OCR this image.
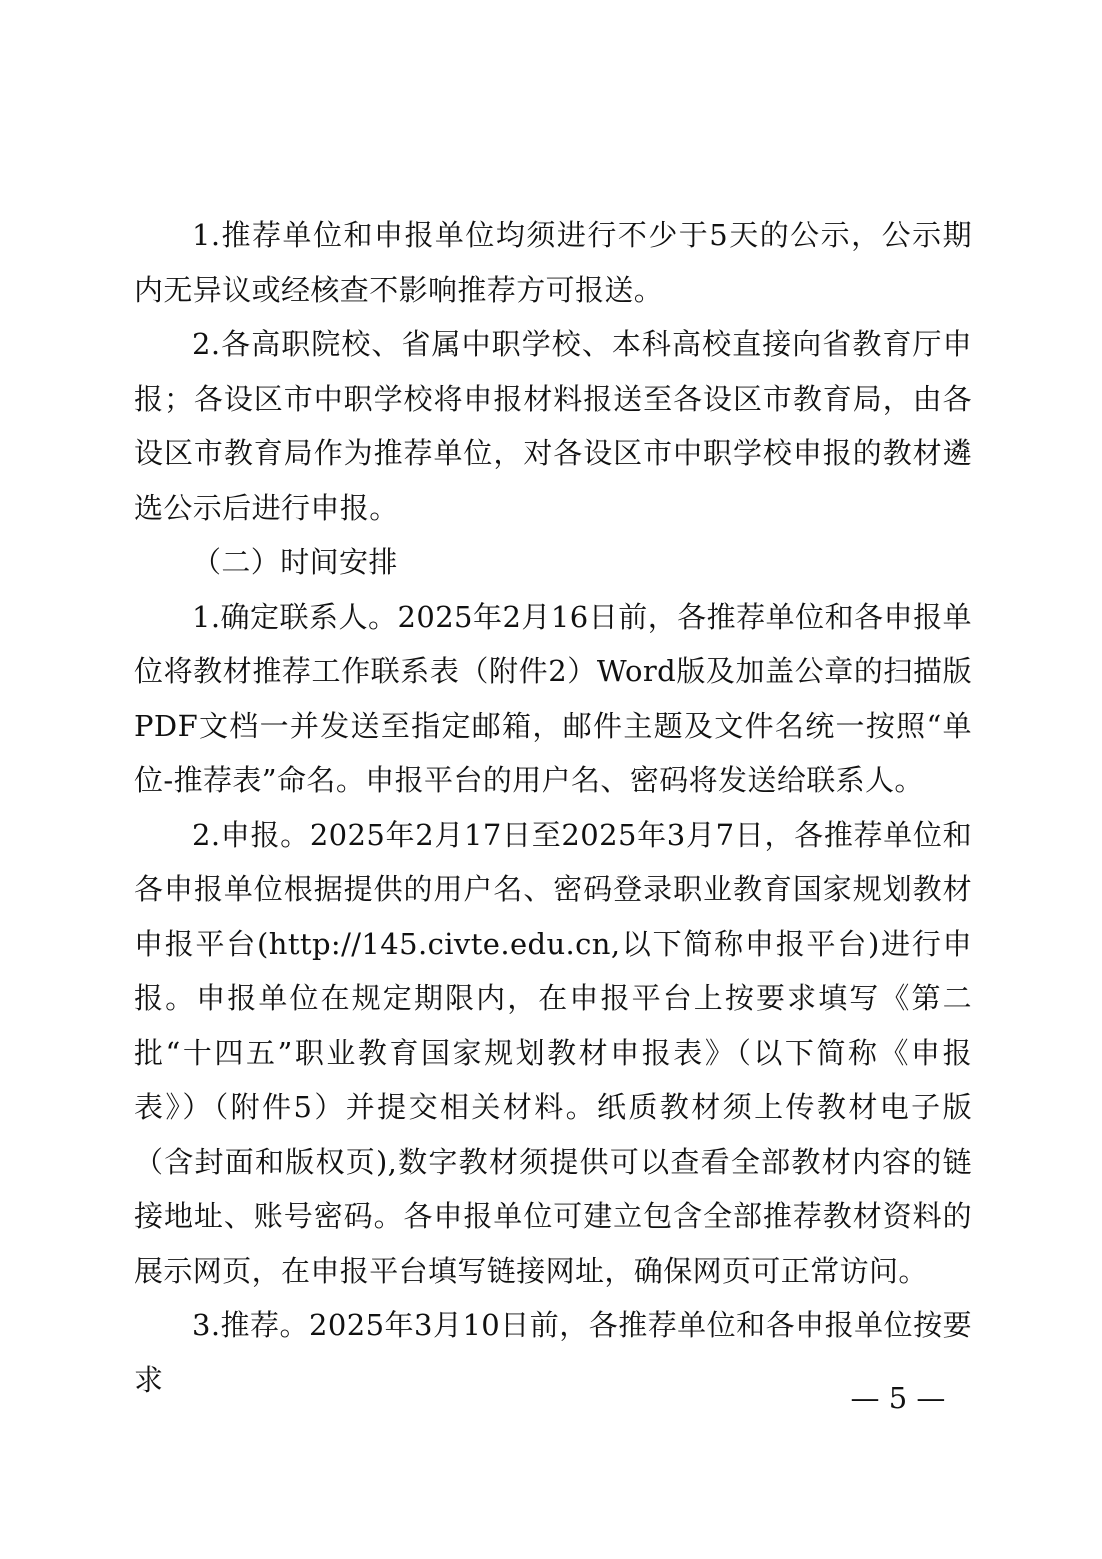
1.推荐单位和申报单位均须进行不少于5天的公示，公示期内无异议或经核查不影响推荐方可报送。

2.各高职院校、省属中职学校、本科高校直接向省教育厅申报；各设区市中职学校将申报材料报送至各设区市教育局，由各设区市教育局作为推荐单位，对各设区市中职学校申报的教材遴选公示后进行申报。

（二）时间安排

1.确定联系人。2025年2月16日前，各推荐单位和各申报单位将教材推荐工作联系表（附件2）Word版及加盖公章的扫描版PDF文档一并发送至指定邮箱，邮件主题及文件名统一按照“单位-推荐表”命名。申报平台的用户名、密码将发送给联系人。

2.申报。2025年2月17日至2025年3月7日，各推荐单位和各申报单位根据提供的用户名、密码登录职业教育国家规划教材申报平台(http://145.civte.edu.cn,以下简称申报平台)进行申报。申报单位在规定期限内，在申报平台上按要求填写《第二批“十四五”职业教育国家规划教材申报表》（以下简称《申报表》）（附件5）并提交相关材料。纸质教材须上传教材电子版（含封面和版权页),数字教材须提供可以查看全部教材内容的链接地址、账号密码。各申报单位可建立包含全部推荐教材资料的展示网页，在申报平台填写链接网址，确保网页可正常访问。

3.推荐。2025年3月10日前，各推荐单位和各申报单位按要求

— 5 —
